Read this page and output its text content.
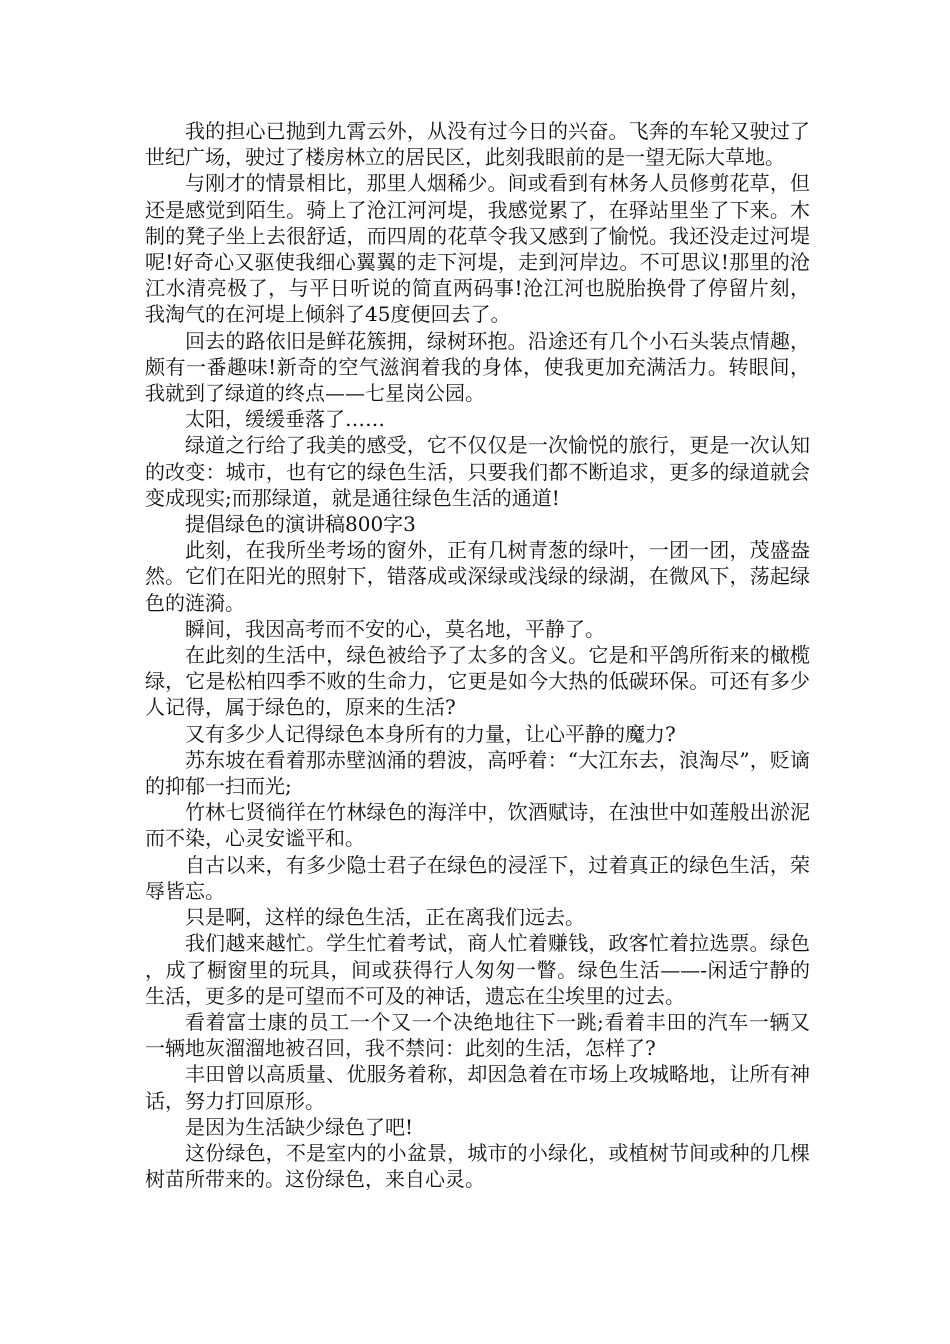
我的担心已抛到九霄云外，从没有过今日的兴奋。飞奔的车轮又驶过了世纪广场，驶过了楼房林立的居民区，此刻我眼前的是一望无际大草地。

与刚才的情景相比，那里人烟稀少。间或看到有林务人员修剪花草，但还是感觉到陌生。骑上了沧江河河堤，我感觉累了，在驿站里坐了下来。木制的凳子坐上去很舒适，而四周的花草令我又感到了愉悦。我还没走过河堤呢!好奇心又驱使我细心翼翼的走下河堤，走到河岸边。不可思议!那里的沧江水清亮极了，与平日听说的简直两码事!沧江河也脱胎换骨了停留片刻，我淘气的在河堤上倾斜了45度便回去了。

回去的路依旧是鲜花簇拥，绿树环抱。沿途还有几个小石头装点情趣，颇有一番趣味!新奇的空气滋润着我的身体，使我更加充满活力。转眼间，我就到了绿道的终点——七星岗公园。

太阳，缓缓垂落了……

绿道之行给了我美的感受，它不仅仅是一次愉悦的旅行，更是一次认知的改变：城市，也有它的绿色生活，只要我们都不断追求，更多的绿道就会变成现实;而那绿道，就是通往绿色生活的通道!

提倡绿色的演讲稿800字3

此刻，在我所坐考场的窗外，正有几树青葱的绿叶，一团一团，茂盛盎然。它们在阳光的照射下，错落成或深绿或浅绿的绿湖，在微风下，荡起绿色的涟漪。

瞬间，我因高考而不安的心，莫名地，平静了。

在此刻的生活中，绿色被给予了太多的含义。它是和平鸽所衔来的橄榄绿，它是松柏四季不败的生命力，它更是如今大热的低碳环保。可还有多少人记得，属于绿色的，原来的生活?

又有多少人记得绿色本身所有的力量，让心平静的魔力?

苏东坡在看着那赤壁汹涌的碧波，高呼着：“大江东去，浪淘尽”，贬谪的抑郁一扫而光;

竹林七贤徜徉在竹林绿色的海洋中，饮酒赋诗，在浊世中如莲般出淤泥而不染，心灵安谧平和。

自古以来，有多少隐士君子在绿色的浸淫下，过着真正的绿色生活，荣辱皆忘。

只是啊，这样的绿色生活，正在离我们远去。

我们越来越忙。学生忙着考试，商人忙着赚钱，政客忙着拉选票。绿色，成了橱窗里的玩具，间或获得行人匆匆一瞥。绿色生活——-闲适宁静的生活，更多的是可望而不可及的神话，遗忘在尘埃里的过去。

看着富士康的员工一个又一个决绝地往下一跳;看着丰田的汽车一辆又一辆地灰溜溜地被召回，我不禁问：此刻的生活，怎样了?

丰田曾以高质量、优服务着称，却因急着在市场上攻城略地，让所有神话，努力打回原形。

是因为生活缺少绿色了吧!

这份绿色，不是室内的小盆景，城市的小绿化，或植树节间或种的几棵树苗所带来的。这份绿色，来自心灵。
